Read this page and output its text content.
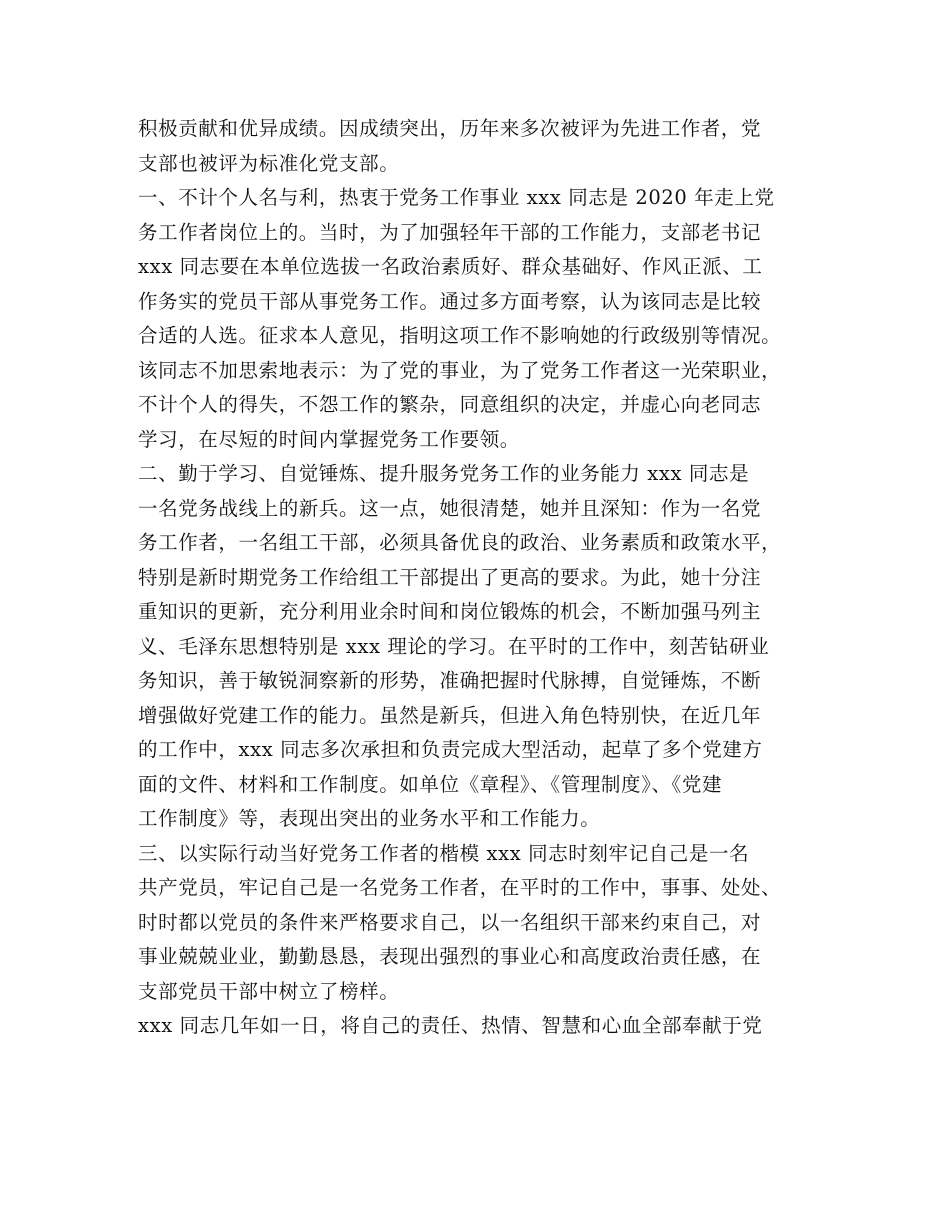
积极贡献和优异成绩。因成绩突出，历年来多次被评为先进工作者，党
支部也被评为标准化党支部。
一、不计个人名与利，热衷于党务工作事业 xxx 同志是 2020 年走上党
务工作者岗位上的。当时，为了加强轻年干部的工作能力，支部老书记
xxx 同志要在本单位选拔一名政治素质好、群众基础好、作风正派、工
作务实的党员干部从事党务工作。通过多方面考察，认为该同志是比较
合适的人选。征求本人意见，指明这项工作不影响她的行政级别等情况。
该同志不加思索地表示：为了党的事业，为了党务工作者这一光荣职业，
不计个人的得失，不怨工作的繁杂，同意组织的决定，并虚心向老同志
学习，在尽短的时间内掌握党务工作要领。
二、勤于学习、自觉锤炼、提升服务党务工作的业务能力 xxx 同志是
一名党务战线上的新兵。这一点，她很清楚，她并且深知：作为一名党
务工作者，一名组工干部，必须具备优良的政治、业务素质和政策水平，
特别是新时期党务工作给组工干部提出了更高的要求。为此，她十分注
重知识的更新，充分利用业余时间和岗位锻炼的机会，不断加强马列主
义、毛泽东思想特别是 xxx 理论的学习。在平时的工作中，刻苦钻研业
务知识，善于敏锐洞察新的形势，准确把握时代脉搏，自觉锤炼，不断
增强做好党建工作的能力。虽然是新兵，但进入角色特别快，在近几年
的工作中，xxx 同志多次承担和负责完成大型活动，起草了多个党建方
面的文件、材料和工作制度。如单位《章程》、《管理制度》、《党建
工作制度》等，表现出突出的业务水平和工作能力。
三、以实际行动当好党务工作者的楷模 xxx 同志时刻牢记自己是一名
共产党员，牢记自己是一名党务工作者，在平时的工作中，事事、处处、
时时都以党员的条件来严格要求自己，以一名组织干部来约束自己，对
事业兢兢业业，勤勤恳恳，表现出强烈的事业心和高度政治责任感，在
支部党员干部中树立了榜样。
xxx 同志几年如一日，将自己的责任、热情、智慧和心血全部奉献于党
